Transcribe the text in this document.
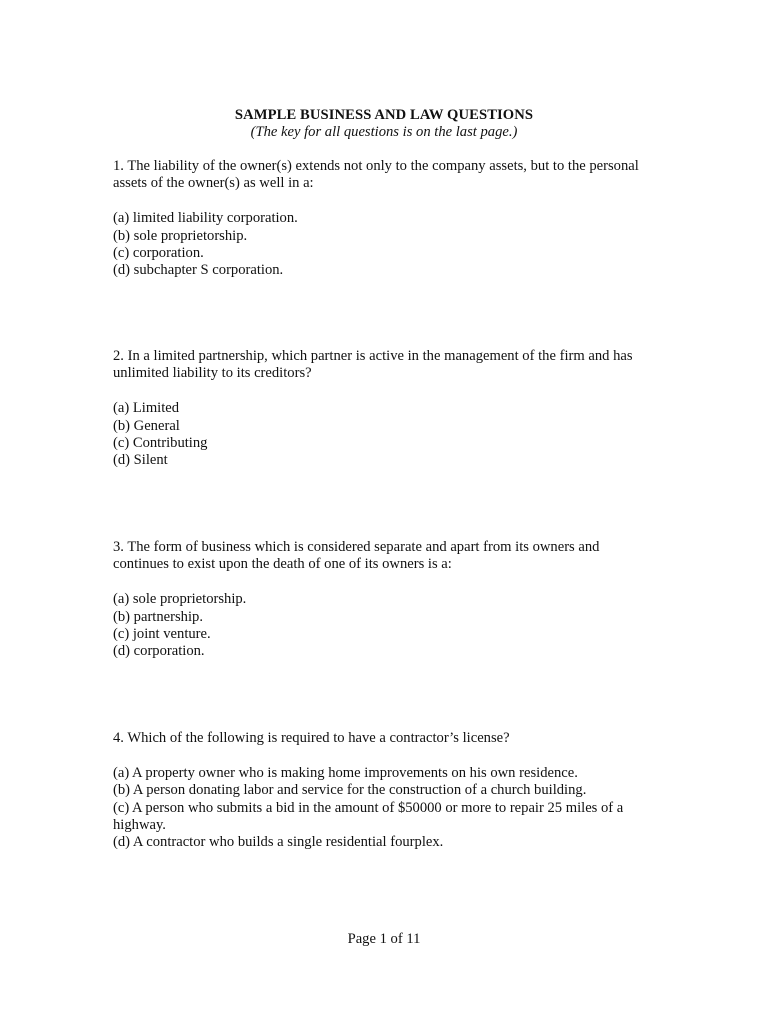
SAMPLE BUSINESS AND LAW QUESTIONS
(The key for all questions is on the last page.)

1. The liability of the owner(s) extends not only to the company assets, but to the personal assets of the owner(s) as well in a:

(a) limited liability corporation.
(b) sole proprietorship.
(c) corporation.
(d) subchapter S corporation.

2. In a limited partnership, which partner is active in the management of the firm and has unlimited liability to its creditors?

(a) Limited
(b) General
(c) Contributing
(d) Silent

3. The form of business which is considered separate and apart from its owners and continues to exist upon the death of one of its owners is a:

(a) sole proprietorship.
(b) partnership.
(c) joint venture.
(d) corporation.

4. Which of the following is required to have a contractor’s license?

(a) A property owner who is making home improvements on his own residence.
(b) A person donating labor and service for the construction of a church building.
(c) A person who submits a bid in the amount of $50000 or more to repair 25 miles of a highway.
(d) A contractor who builds a single residential fourplex.
Page 1 of 11
